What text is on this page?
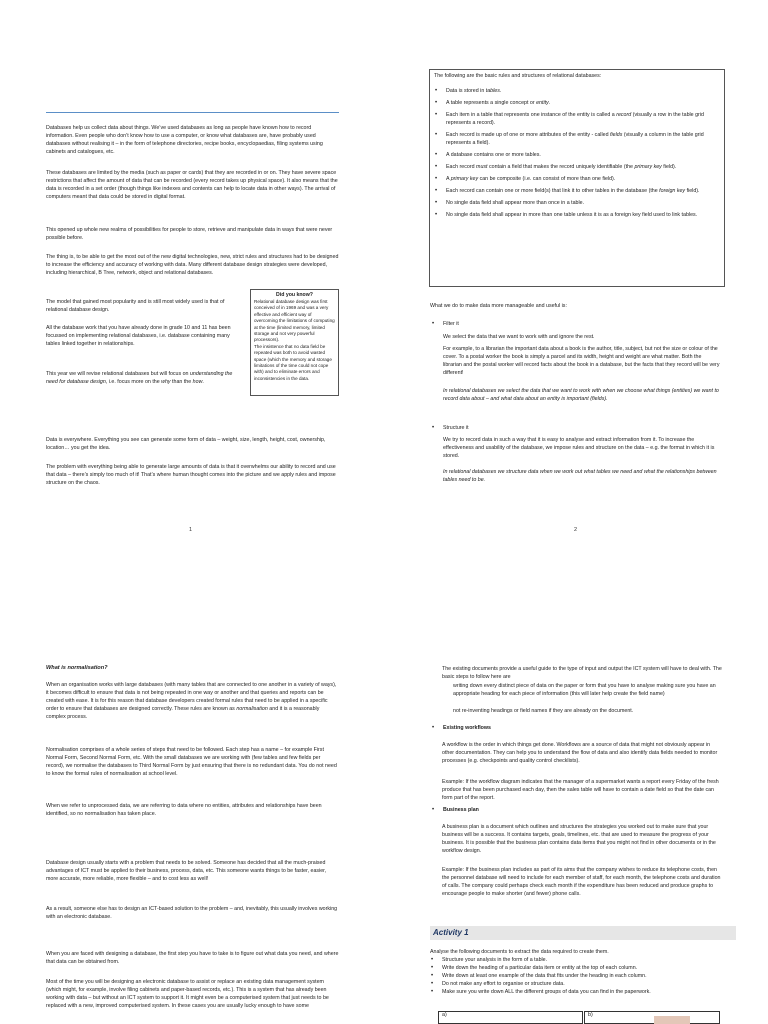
Databases help us collect data about things. We’ve used databases as long as people have known how to record information. Even people who don’t know how to use a computer, or know what databases are, have probably used databases without realising it – in the form of telephone directories, recipe books, encyclopaedias, filing systems using cabinets and catalogues, etc.

These databases are limited by the media (such as paper or cards) that they are recorded in or on. They have severe space restrictions that affect the amount of data that can be recorded (every record takes up physical space). It also means that the data is recorded in a set order (though things like indexes and contents can help to locate data in other ways). The arrival of computers meant that data could be stored in digital format.

This opened up whole new realms of possibilities for people to store, retrieve and manipulate data in ways that were never possible before.

The thing is, to be able to get the most out of the new digital technologies, new, strict rules and structures had to be designed to increase the efficiency and accuracy of working with data. Many different database design strategies were developed, including hierarchical, B Tree, network, object and relational databases.

The model that gained most popularity and is still most widely used is that of relational database design.

All the database work that you have already done in grade 10 and 11 has been focussed on implementing relational databases, i.e. database containing many tables linked together in relationships.

This year we will revise relational databases but will focus on understanding the need for database design, i.e. focus more on the why than the how.

Did you know?

Relational database design was first conceived of in 1969 and was a very effective and efficient way of overcoming the limitations of computing at the time (limited memory, limited storage and not very powerful processors).

The insistence that no data field be repeated was both to avoid wasted space (which the memory and storage limitations of the time could not cope with) and to eliminate errors and inconsistencies in the data.

Data is everywhere. Everything you see can generate some form of data – weight, size, length, height, cost, ownership, location… you get the idea.

The problem with everything being able to generate large amounts of data is that it overwhelms our ability to record and use that data – there’s simply too much of it! That’s where human thought comes into the picture and we apply rules and impose structure on the chaos.

1

The following are the basic rules and structures of relational databases:

• Data is stored in tables.
• A table represents a single concept or entity.
• Each item in a table that represents one instance of the entity is called a record (visually a row in the table grid represents a record).
• Each record is made up of one or more attributes of the entity - called fields (visually a column in the table grid represents a field).
• A database contains one or more tables.
• Each record must contain a field that makes the record uniquely identifiable (the primary key field).
• A primary key can be composite (i.e. can consist of more than one field).
• Each record can contain one or more field(s) that link it to other tables in the database (the foreign key field).
• No single data field shall appear more than once in a table.
• No single data field shall appear in more than one table unless it is as a foreign key field used to link tables.

What we do to make data more manageable and useful is:

• Filter it

We select the data that we want to work with and ignore the rest.

For example, to a librarian the important data about a book is the author, title, subject, but not the size or colour of the cover. To a postal worker the book is simply a parcel and its width, height and weight are what matter. Both the librarian and the postal worker will record facts about the book in a database, but the facts that they record will be very different!

In relational databases we select the data that we want to work with when we choose what things (entities) we want to record data about – and what data about an entity is important (fields).

• Structure it

We try to record data in such a way that it is easy to analyse and extract information from it. To increase the effectiveness and usability of the database, we impose rules and structure on the data – e.g. the format in which it is stored.

In relational databases we structure data when we work out what tables we need and what the relationships between tables need to be.

2

What is normalisation?

When an organisation works with large databases (with many tables that are connected to one another in a variety of ways), it becomes difficult to ensure that data is not being repeated in one way or another and that queries and reports can be created with ease. It is for this reason that database developers created formal rules that need to be applied in a specific order to ensure that databases are designed correctly. These rules are known as normalisation and it is a reasonably complex process.

Normalisation comprises of a whole series of steps that need to be followed. Each step has a name – for example First Normal Form, Second Normal Form, etc. With the small databases we are working with (few tables and few fields per record), we normalise the databases to Third Normal Form by just ensuring that there is no redundant data. You do not need to know the formal rules of normalisation at school level.

When we refer to unprocessed data, we are referring to data where no entities, attributes and relationships have been identified, so no normalisation has taken place.

Database design usually starts with a problem that needs to be solved. Someone has decided that all the much-praised advantages of ICT must be applied to their business, process, data, etc. This someone wants things to be faster, easier, more accurate, more reliable, more flexible – and to cost less as well!

As a result, someone else has to design an ICT-based solution to the problem – and, inevitably, this usually involves working with an electronic database.

When you are faced with designing a database, the first step you have to take is to figure out what data you need, and where that data can be obtained from.

Most of the time you will be designing an electronic database to assist or replace an existing data management system (which might, for example, involve filing cabinets and paper-based records, etc.). This is a system that has already been working with data – but without an ICT system to support it. It might even be a computerised system that just needs to be replaced with a new, improved computerised system. In these cases you are usually lucky enough to have some

The existing documents provide a useful guide to the type of input and output the ICT system will have to deal with. The basic steps to follow here are

writing down every distinct piece of data on the paper or form that you have to analyse making sure you have an appropriate heading for each piece of information (this will later help create the field name)

not re-inventing headings or field names if they are already on the document.

• Existing workflows

A workflow is the order in which things get done. Workflows are a source of data that might not obviously appear in other documentation. They can help you to understand the flow of data and also identify data fields needed to monitor processes (e.g. checkpoints and quality control checklists).

Example: If the workflow diagram indicates that the manager of a supermarket wants a report every Friday of the fresh produce that has been purchased each day, then the sales table will have to contain a date field so that the date can form part of the report.

• Business plan

A business plan is a document which outlines and structures the strategies you worked out to make sure that your business will be a success. It contains targets, goals, timelines, etc. that are used to measure the progress of your business. It is possible that the business plan contains data items that you might not find in other documents or in the workflow design.

Example: If the business plan includes as part of its aims that the company wishes to reduce its telephone costs, then the personnel database will need to include for each member of staff, for each month, the telephone costs and duration of calls. The company could perhaps check each month if the expenditure has been reduced and produce graphs to encourage people to make shorter (and fewer) phone calls.

Activity 1

Analyse the following documents to extract the data required to create them.

• Structure your analysis in the form of a table.
• Write down the heading of a particular data item or entity at the top of each column.
• Write down at least one example of the data that fits under the heading in each column.
• Do not make any effort to organise or structure data.
• Make sure you write down ALL the different groups of data you can find in the paperwork.
a)	b)
